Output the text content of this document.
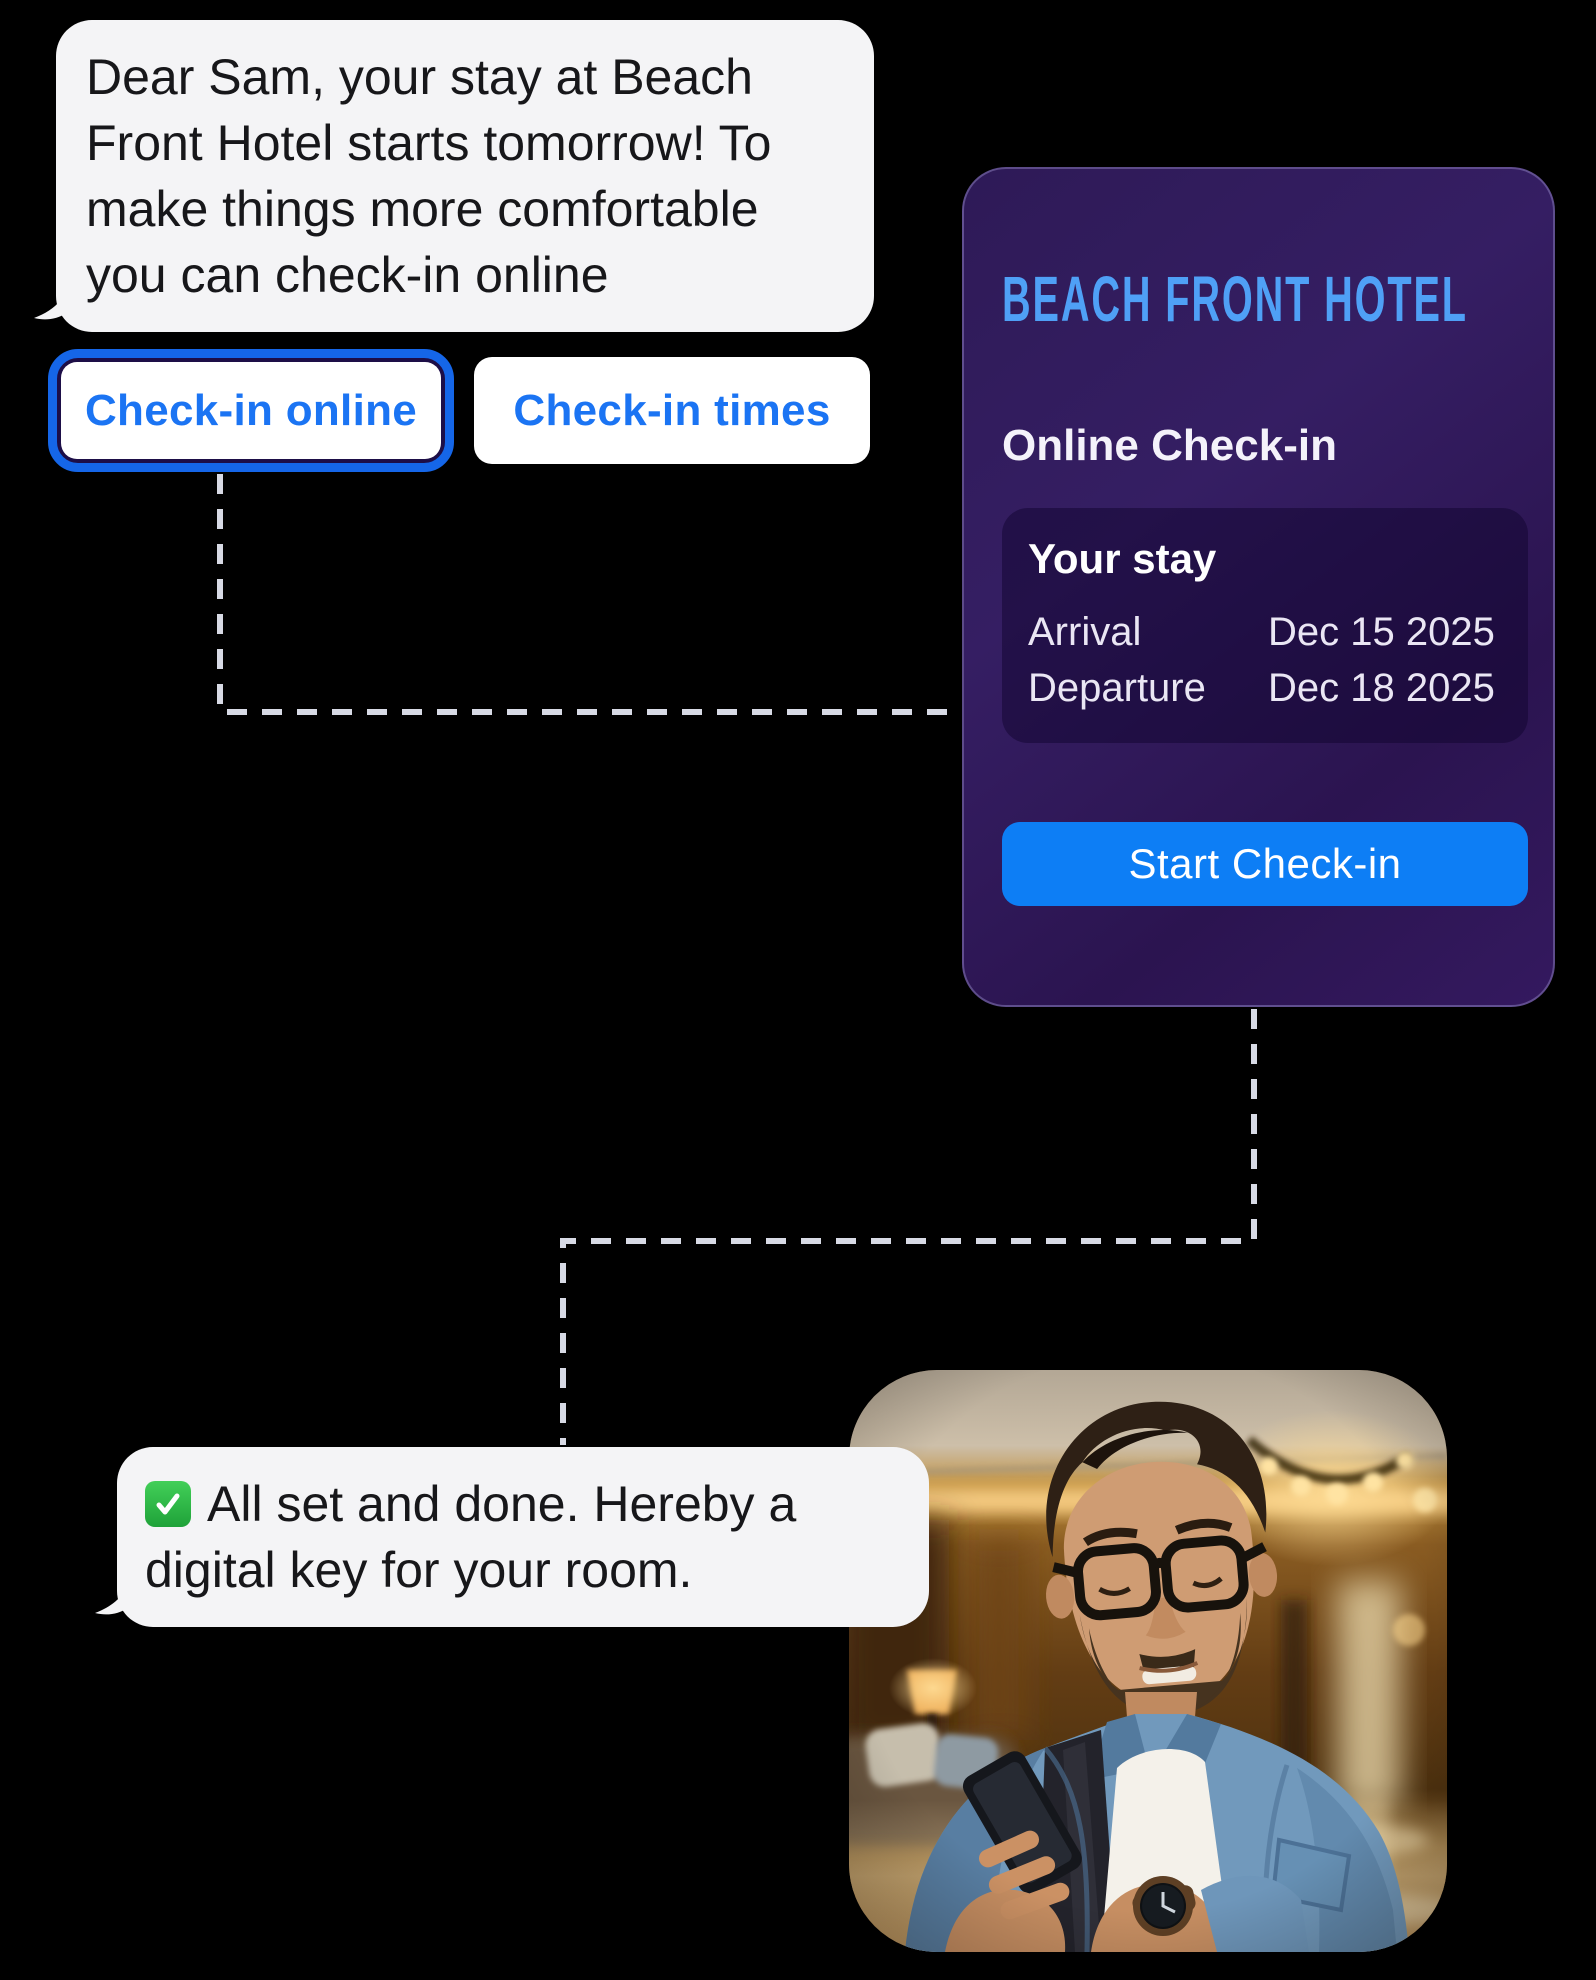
Dear Sam, your stay at Beach
Front Hotel starts tomorrow! To
make things more comfortable
you can check-in online
Check-in online Check-in times
BEACH FRONT HOTEL
Online Check-in
Your stay
Arrival	Dec 15 2025
Departure	Dec 18 2025
Start Check-in
All set and done. Hereby a
digital key for your room.
